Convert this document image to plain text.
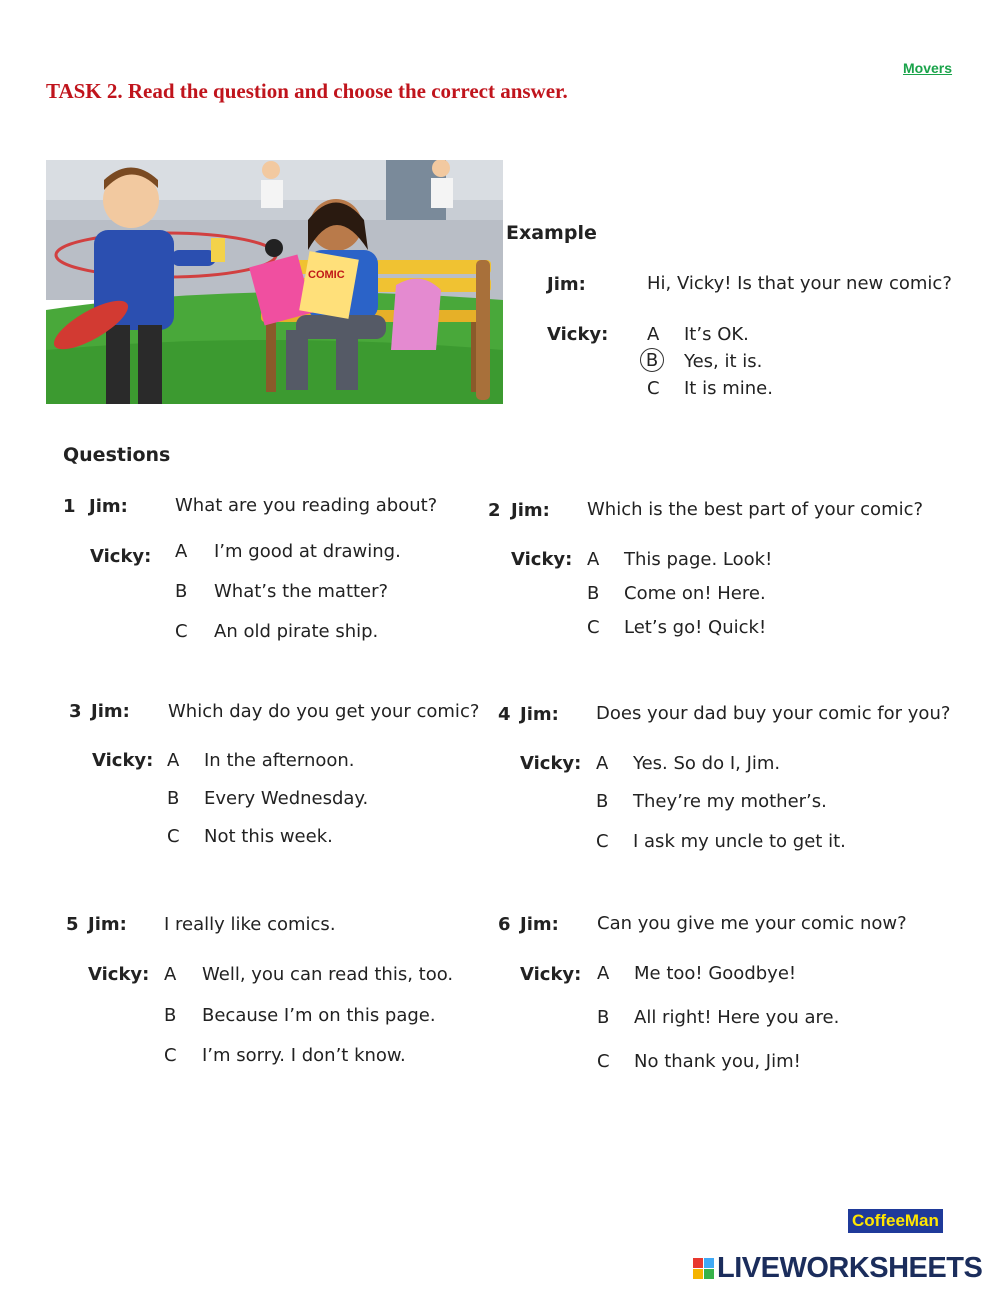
Movers
TASK 2. Read the question and choose the correct answer.
COMIC
Example
Jim:	Hi, Vicky! Is that your new comic?
Vicky: A It’s OK.
B	Yes, it is.
C It is mine.
Questions
1 Jim:	What are you reading about?
Vicky: A I’m good at drawing.
B What’s the matter?
C An old pirate ship.
2 Jim: Which is the best part of your comic?
Vicky: A This page. Look!
B Come on! Here.
C Let’s go! Quick!
3 Jim: Which day do you get your comic?
Vicky: A In the afternoon.
B Every Wednesday.
C Not this week.
4 Jim: Does your dad buy your comic for you?
Vicky: A Yes. So do I, Jim.
B They’re my mother’s.
C I ask my uncle to get it.
5 Jim: I really like comics.
Vicky: A Well, you can read this, too.
B Because I’m on this page.
C I’m sorry. I don’t know.
6 Jim: Can you give me your comic now?
Vicky: A Me too! Goodbye!
B All right! Here you are.
C No thank you, Jim!
CoffeeMan
LIVEWORKSHEETS
